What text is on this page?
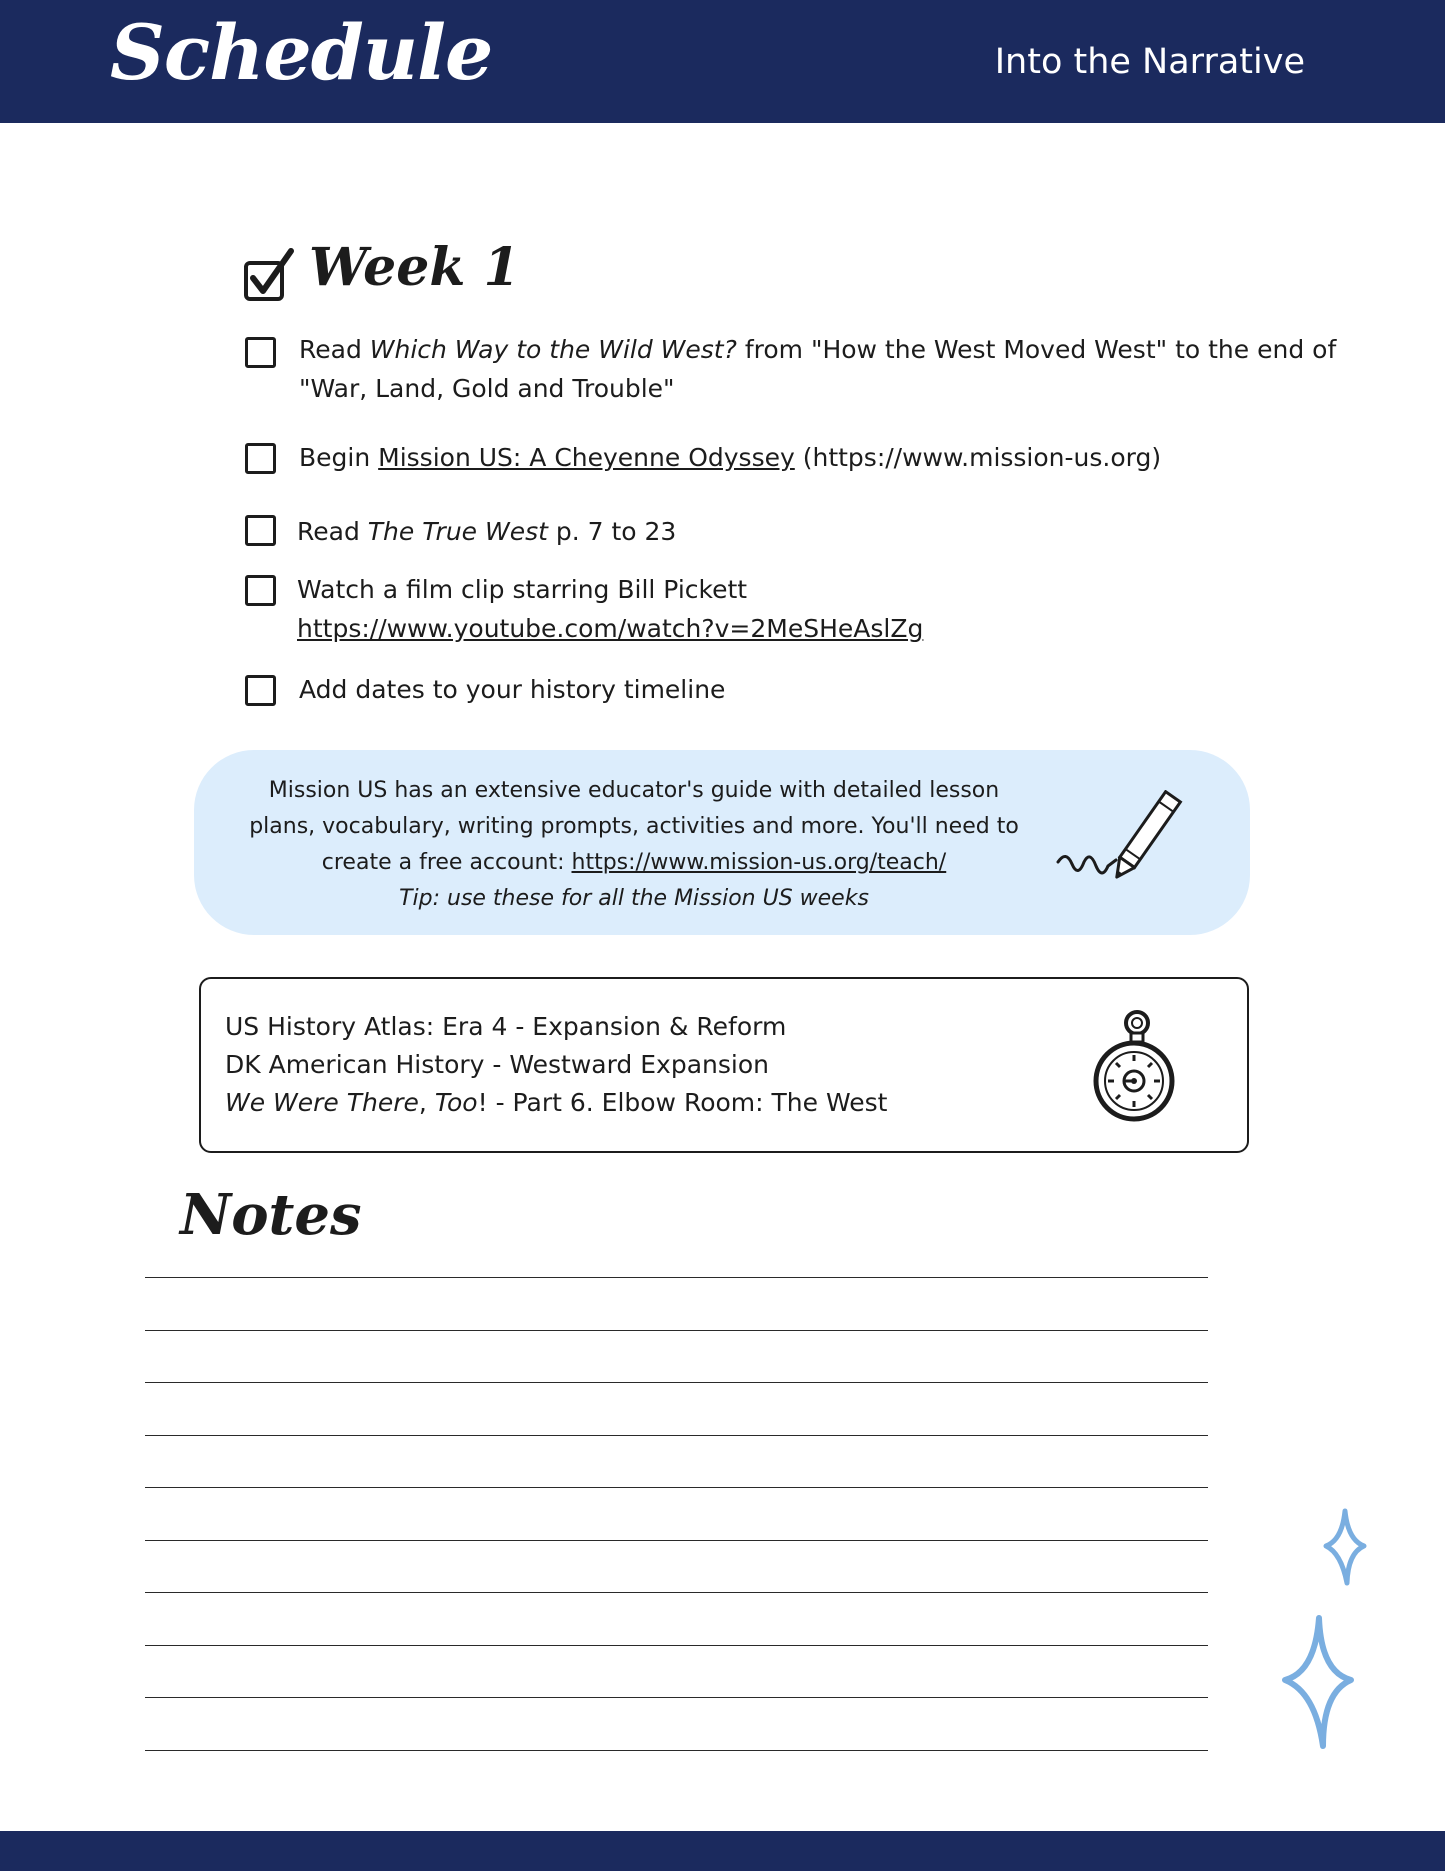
Schedule	Into the Narrative
Week 1
Read Which Way to the Wild West? from "How the West Moved West" to the end of
"War, Land, Gold and Trouble"
Begin Mission US: A Cheyenne Odyssey (https://www.mission-us.org)
Read The True West p. 7 to 23
Watch a film clip starring Bill Pickett
https://www.youtube.com/watch?v=2MeSHeAslZg
Add dates to your history timeline
Mission US has an extensive educator's guide with detailed lesson
plans, vocabulary, writing prompts, activities and more. You'll need to
create a free account: https://www.mission-us.org/teach/
Tip: use these for all the Mission US weeks
US History Atlas: Era 4 - Expansion & Reform
DK American History - Westward Expansion
We Were There, Too! - Part 6. Elbow Room: The West
Notes
